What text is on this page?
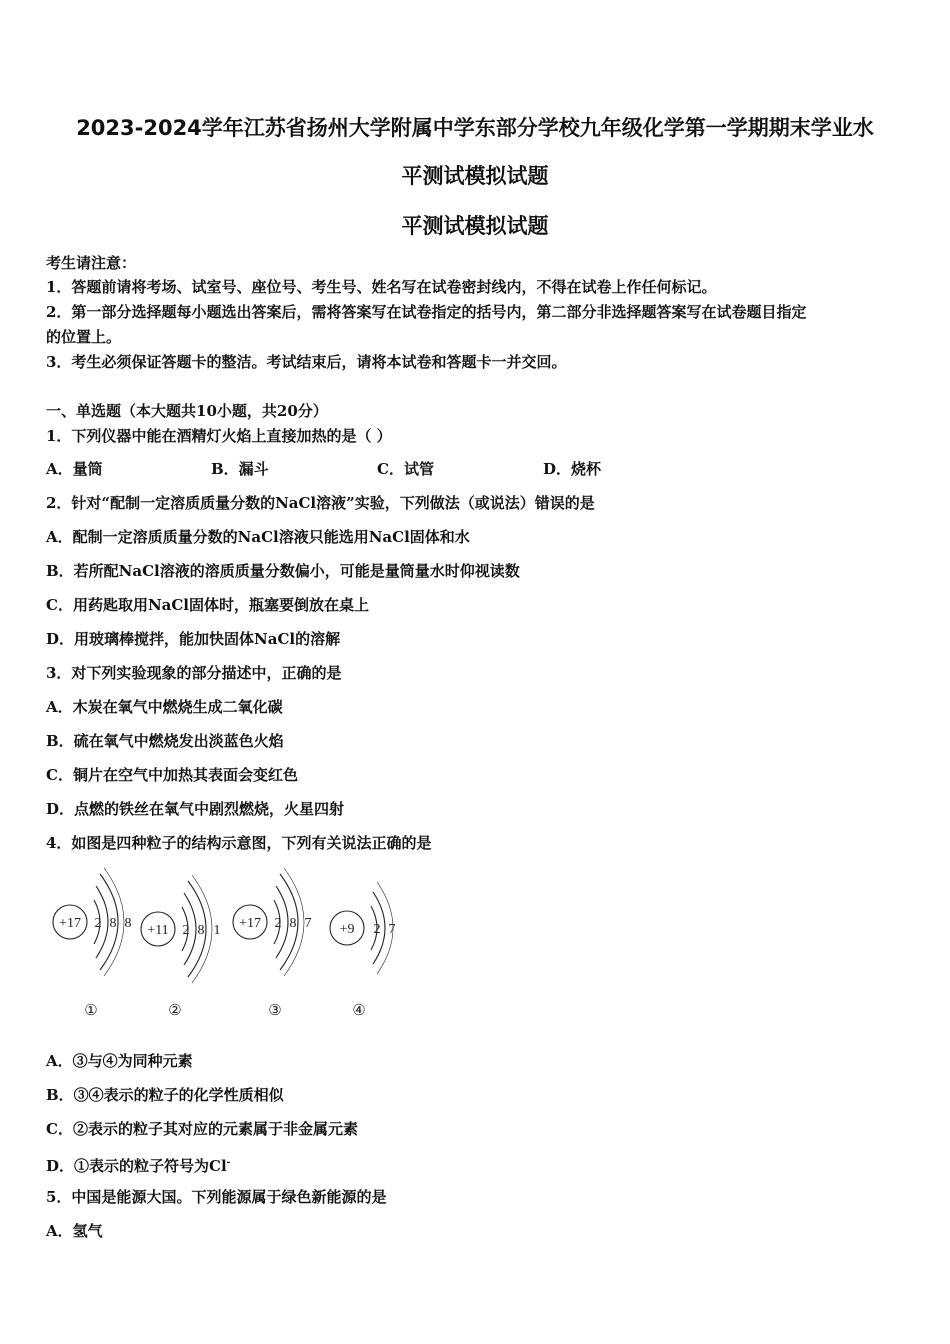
2023-2024学年江苏省扬州大学附属中学东部分学校九年级化学第一学期期末学业水
平测试模拟试题
平测试模拟试题
考生请注意：
1．答题前请将考场、试室号、座位号、考生号、姓名写在试卷密封线内，不得在试卷上作任何标记。
2．第一部分选择题每小题选出答案后，需将答案写在试卷指定的括号内，第二部分非选择题答案写在试卷题目指定
的位置上。
3．考生必须保证答题卡的整洁。考试结束后，请将本试卷和答题卡一并交回。
一、单选题（本大题共10小题，共20分）
1．下列仪器中能在酒精灯火焰上直接加热的是（ ）
A．量筒	B．漏斗	C．试管	D．烧杯
2．针对“配制一定溶质质量分数的NaCl溶液”实验，下列做法（或说法）错误的是
A．配制一定溶质质量分数的NaCl溶液只能选用NaCl固体和水
B．若所配NaCl溶液的溶质质量分数偏小，可能是量筒量水时仰视读数
C．用药匙取用NaCl固体时，瓶塞要倒放在桌上
D．用玻璃棒搅拌，能加快固体NaCl的溶解
3．对下列实验现象的部分描述中，正确的是
A．木炭在氧气中燃烧生成二氧化碳
B．硫在氧气中燃烧发出淡蓝色火焰
C．铜片在空气中加热其表面会变红色
D．点燃的铁丝在氧气中剧烈燃烧，火星四射
4．如图是四种粒子的结构示意图，下列有关说法正确的是
+17 2 8 8 +11 2 8 1 +17 2 8 7 +9 2 7
①	②	③	④
A．③与④为同种元素
B．③④表示的粒子的化学性质相似
C．②表示的粒子其对应的元素属于非金属元素
D．①表示的粒子符号为Cl-
5．中国是能源大国。下列能源属于绿色新能源的是
A．氢气
